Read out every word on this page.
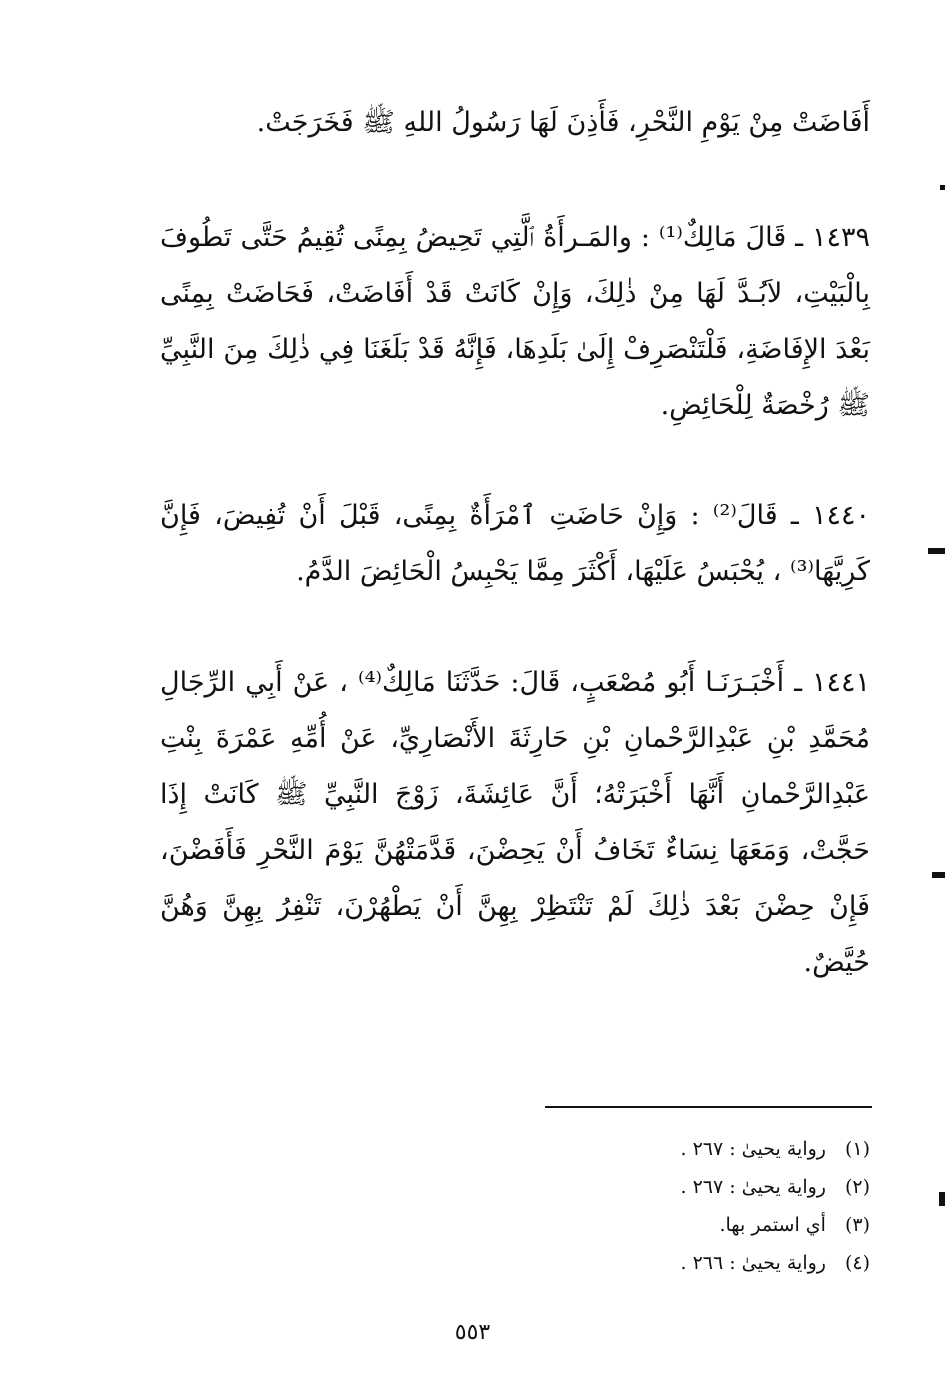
أَفَاضَتْ مِنْ يَوْمِ النَّحْرِ، فَأَذِنَ لَهَا رَسُولُ اللهِ ﷺ فَخَرَجَتْ.
١٤٣٩ ـ قَالَ مَالِكٌ⁽¹⁾ : والمَـرأَةُ ٱلَّتِي تَحِيضُ بِمِنًى تُقِيمُ حَتَّى تَطُوفَ بِالْبَيْتِ، لاَبُـدَّ لَهَا مِنْ ذٰلِكَ، وَإِنْ كَانَتْ قَدْ أَفَاضَتْ، فَحَاضَتْ بِمِنًى بَعْدَ الإِفَاضَةِ، فَلْتَنْصَرِفْ إِلَىٰ بَلَدِهَا، فَإِنَّهُ قَدْ بَلَغَنَا فِي ذٰلِكَ مِنَ النَّبِيِّ ﷺ رُخْصَةٌ لِلْحَائِضِ.
١٤٤٠ ـ قَالَ⁽²⁾ : وَإِنْ حَاضَتِ ٱمْرَأَةٌ بِمِنًى، قَبْلَ أَنْ تُفِيضَ، فَإِنَّ كَرِيَّهَا⁽³⁾ ، يُحْبَسُ عَلَيْهَا، أَكْثَرَ مِمَّا يَحْبِسُ الْحَائِضَ الدَّمُ.
١٤٤١ ـ أَخْبَـرَنَـا أَبُو مُصْعَبٍ، قَالَ: حَدَّثَنَا مَالِكٌ⁽⁴⁾ ، عَنْ أَبِي الرِّجَالِ مُحَمَّدِ بْنِ عَبْدِالرَّحْمانِ بْنِ حَارِثَةَ الأَنْصَارِيِّ، عَنْ أُمِّهِ عَمْرَةَ بِنْتِ عَبْدِالرَّحْمانِ أَنَّهَا أَخْبَرَتْهُ؛ أَنَّ عَائِشَةَ، زَوْجَ النَّبِيِّ ﷺ كَانَتْ إِذَا حَجَّتْ، وَمَعَهَا نِسَاءٌ تَخَافُ أَنْ يَحِضْنَ، قَدَّمَتْهُنَّ يَوْمَ النَّحْرِ فَأَفَضْنَ، فَإِنْ حِضْنَ بَعْدَ ذٰلِكَ لَمْ تَنْتَظِرْ بِهِنَّ أَنْ يَطْهُرْنَ، تَنْفِرُ بِهِنَّ وَهُنَّ حُيَّضٌ.
(١) رواية يحيىٰ : ٢٦٧ .
(٢) رواية يحيىٰ : ٢٦٧ .
(٣) أي استمر بها.
(٤) رواية يحيىٰ : ٢٦٦ .
٥٥٣
